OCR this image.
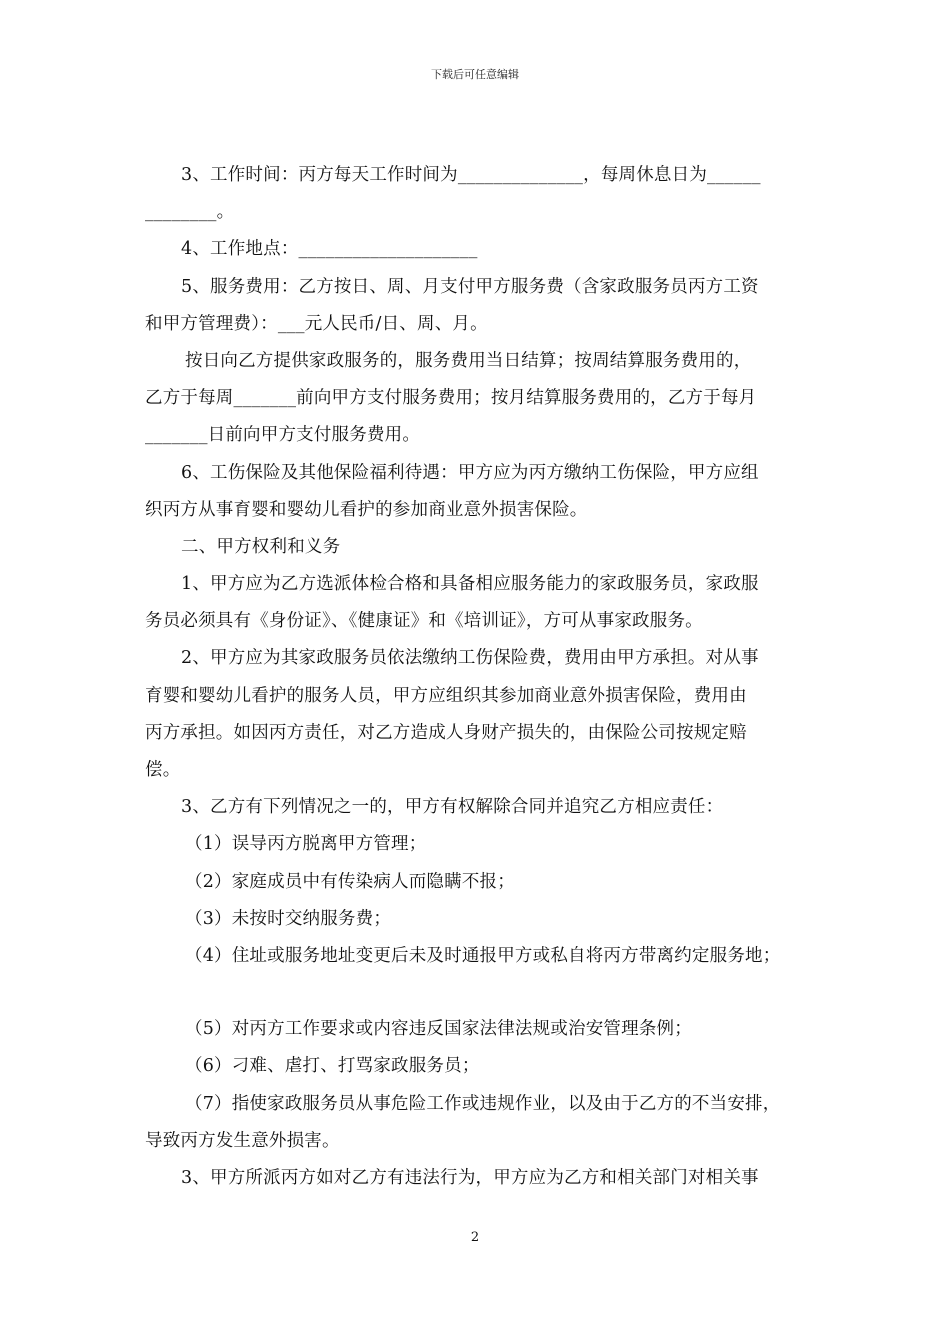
下载后可任意编辑
3、工作时间：丙方每天工作时间为______________，每周休息日为______
________。
4、工作地点：____________________
5、服务费用：乙方按日、周、月支付甲方服务费（含家政服务员丙方工资
和甲方管理费）：___元人民币/日、周、月。
按日向乙方提供家政服务的，服务费用当日结算；按周结算服务费用的，
乙方于每周_______前向甲方支付服务费用；按月结算服务费用的，乙方于每月
_______日前向甲方支付服务费用。
6、工伤保险及其他保险福利待遇：甲方应为丙方缴纳工伤保险，甲方应组
织丙方从事育婴和婴幼儿看护的参加商业意外损害保险。
二、甲方权利和义务
1、甲方应为乙方选派体检合格和具备相应服务能力的家政服务员，家政服
务员必须具有《身份证》、《健康证》和《培训证》，方可从事家政服务。
2、甲方应为其家政服务员依法缴纳工伤保险费，费用由甲方承担。对从事
育婴和婴幼儿看护的服务人员，甲方应组织其参加商业意外损害保险，费用由
丙方承担。如因丙方责任，对乙方造成人身财产损失的，由保险公司按规定赔
偿。
3、乙方有下列情况之一的，甲方有权解除合同并追究乙方相应责任：
（1）误导丙方脱离甲方管理；
（2）家庭成员中有传染病人而隐瞒不报；
（3）未按时交纳服务费；
（4）住址或服务地址变更后未及时通报甲方或私自将丙方带离约定服务地；
（5）对丙方工作要求或内容违反国家法律法规或治安管理条例；
（6）刁难、虐打、打骂家政服务员；
（7）指使家政服务员从事危险工作或违规作业，以及由于乙方的不当安排，
导致丙方发生意外损害。
3、甲方所派丙方如对乙方有违法行为，甲方应为乙方和相关部门对相关事
2
